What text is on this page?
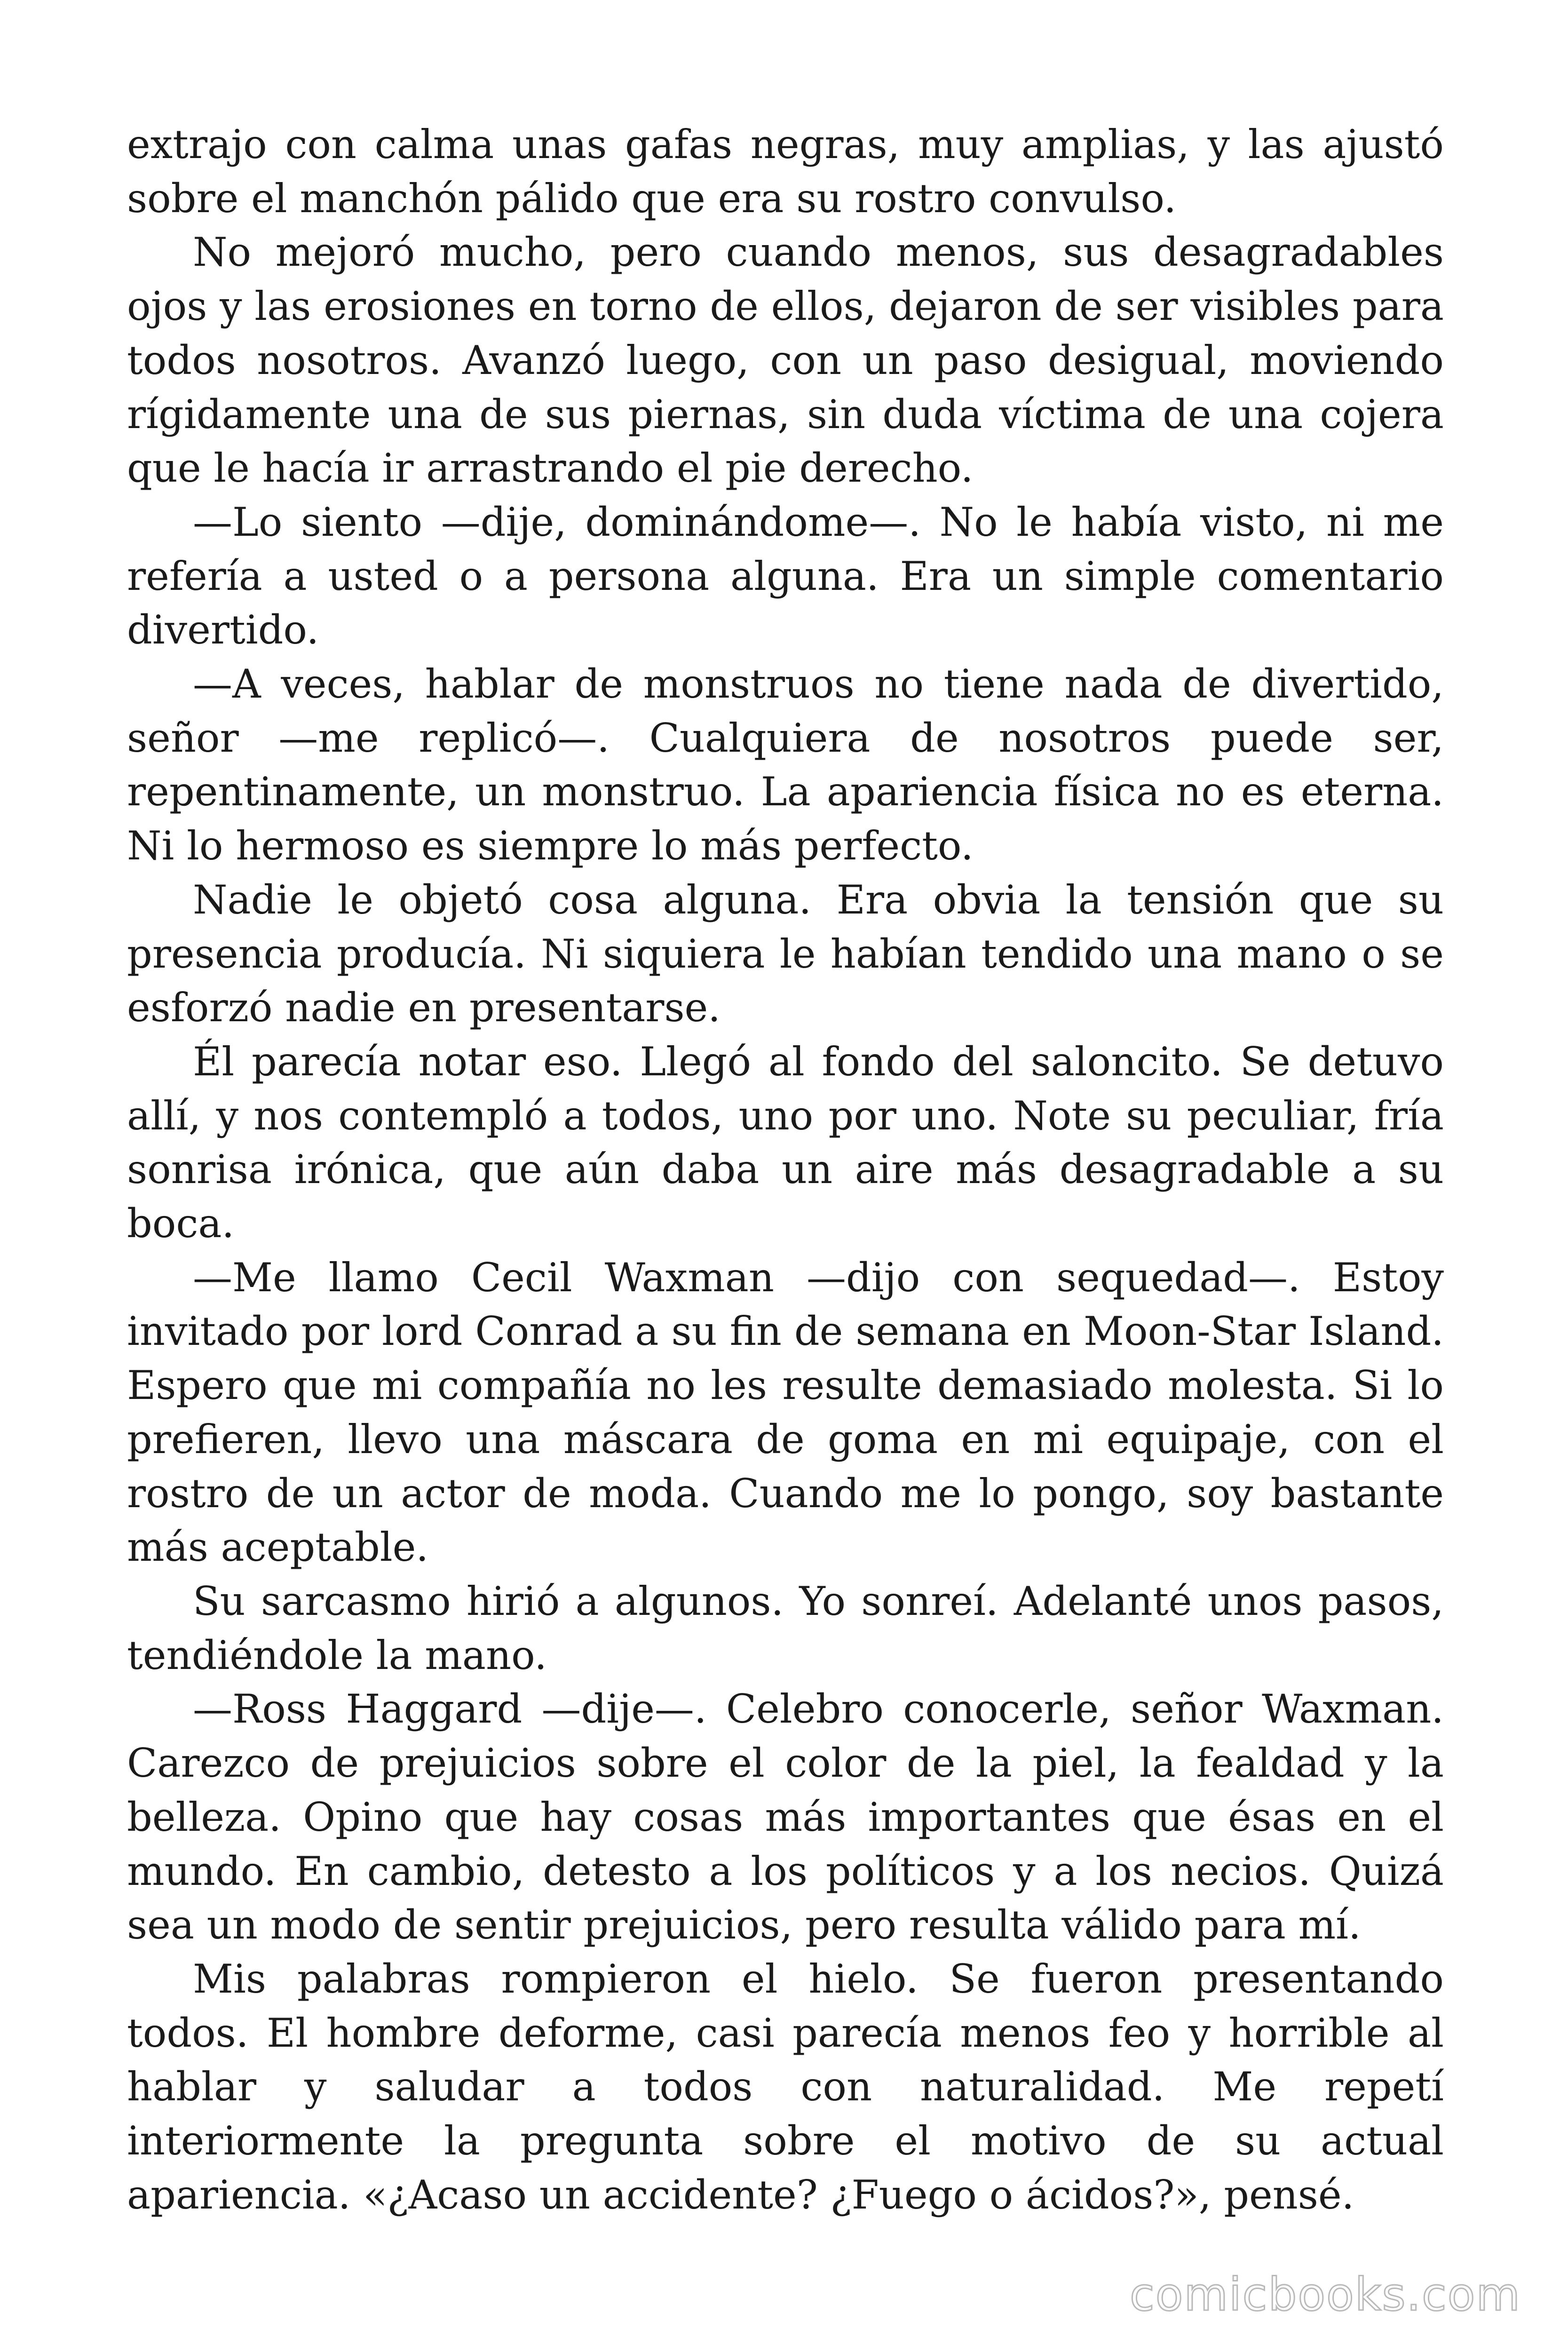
extrajo con calma unas gafas negras, muy amplias, y las ajustó sobre el manchón pálido que era su rostro convulso.

No mejoró mucho, pero cuando menos, sus desagradables ojos y las erosiones en torno de ellos, dejaron de ser visibles para todos nosotros. Avanzó luego, con un paso desigual, moviendo rígidamente una de sus piernas, sin duda víctima de una cojera que le hacía ir arrastrando el pie derecho.

—Lo siento —dije, dominándome—. No le había visto, ni me refería a usted o a persona alguna. Era un simple comentario divertido.

—A veces, hablar de monstruos no tiene nada de divertido, señor —me replicó—. Cualquiera de nosotros puede ser, repentinamente, un monstruo. La apariencia física no es eterna. Ni lo hermoso es siempre lo más perfecto.

Nadie le objetó cosa alguna. Era obvia la tensión que su presencia producía. Ni siquiera le habían tendido una mano o se esforzó nadie en presentarse.

Él parecía notar eso. Llegó al fondo del saloncito. Se detuvo allí, y nos contempló a todos, uno por uno. Note su peculiar, fría sonrisa irónica, que aún daba un aire más desagradable a su boca.

—Me llamo Cecil Waxman —dijo con sequedad—. Estoy invitado por lord Conrad a su fin de semana en Moon-Star Island. Espero que mi compañía no les resulte demasiado molesta. Si lo prefieren, llevo una máscara de goma en mi equipaje, con el rostro de un actor de moda. Cuando me lo pongo, soy bastante más aceptable.

Su sarcasmo hirió a algunos. Yo sonreí. Adelanté unos pasos, tendiéndole la mano.

—Ross Haggard —dije—. Celebro conocerle, señor Waxman. Carezco de prejuicios sobre el color de la piel, la fealdad y la belleza. Opino que hay cosas más importantes que ésas en el mundo. En cambio, detesto a los políticos y a los necios. Quizá sea un modo de sentir prejuicios, pero resulta válido para mí.

Mis palabras rompieron el hielo. Se fueron presentando todos. El hombre deforme, casi parecía menos feo y horrible al hablar y saludar a todos con naturalidad. Me repetí interiormente la pregunta sobre el motivo de su actual apariencia. «¿Acaso un accidente? ¿Fuego o ácidos?», pensé.

comicbooks.com
